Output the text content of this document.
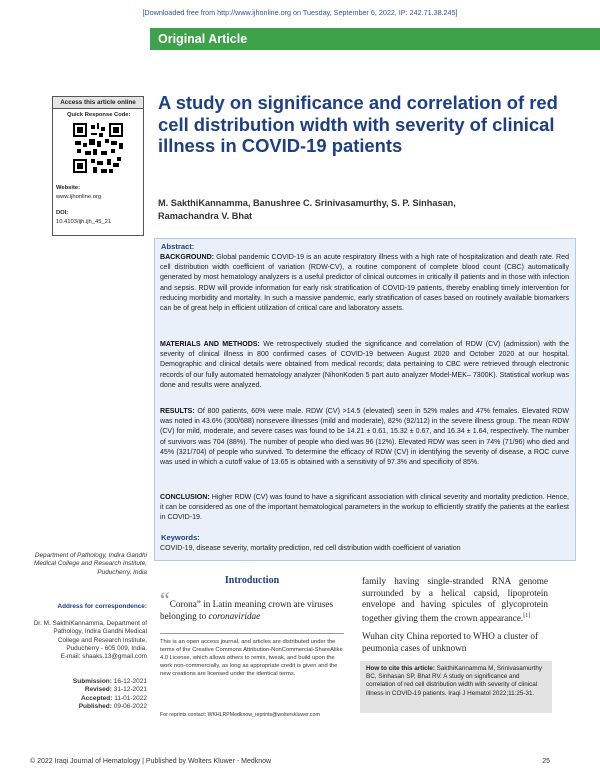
[Downloaded free from http://www.ijhonline.org on Tuesday, September 6, 2022, IP: 242.71.38.245]
Original Article
Access this article online
Quick Response Code:
Website:
www.ijhonline.org
DOI:
10.4103/ijh.ijh_45_21
A study on significance and correlation of red cell distribution width with severity of clinical illness in COVID-19 patients
M. SakthiKannamma, Banushree C. Srinivasamurthy, S. P. Sinhasan, Ramachandra V. Bhat
Abstract:
BACKGROUND: Global pandemic COVID-19 is an acute respiratory illness with a high rate of hospitalization and death rate. Red cell distribution width coefficient of variation (RDW-CV), a routine component of complete blood count (CBC) automatically generated by most hematology analyzers is a useful predictor of clinical outcomes in critically ill patients and in those with infection and sepsis. RDW will provide information for early risk stratification of COVID-19 patients, thereby enabling timely intervention for reducing morbidity and mortality. In such a massive pandemic, early stratification of cases based on routinely available biomarkers can be of great help in efficient utilization of critical care and laboratory assets.
MATERIALS AND METHODS: We retrospectively studied the significance and correlation of RDW (CV) (admission) with the severity of clinical illness in 800 confirmed cases of COVID-19 between August 2020 and October 2020 at our hospital. Demographic and clinical details were obtained from medical records; data pertaining to CBC were retrieved through electronic records of our fully automated hematology analyzer (NihonKoden 5 part auto analyzer Model-MEK– 7300K). Statistical workup was done and results were analyzed.
RESULTS: Of 800 patients, 60% were male. RDW (CV) >14.5 (elevated) seen in 52% males and 47% females. Elevated RDW was noted in 43.6% (300/688) nonsevere illnesses (mild and moderate), 82% (92/112) in the severe illness group. The mean RDW (CV) for mild, moderate, and severe cases was found to be 14.21 ± 0.61, 15.32 ± 0.67, and 16.34 ± 1.64, respectively. The number of survivors was 704 (88%). The number of people who died was 96 (12%). Elevated RDW was seen in 74% (71/96) who died and 45% (321/704) of people who survived. To determine the efficacy of RDW (CV) in identifying the severity of disease, a ROC curve was used in which a cutoff value of 13.65 is obtained with a sensitivity of 97.3% and specificity of 85%.
CONCLUSION: Higher RDW (CV) was found to have a significant association with clinical severity and mortality prediction. Hence, it can be considered as one of the important hematological parameters in the workup to efficiently stratify the patients at the earliest in COVID-19.
Keywords:
COVID-19, disease severity, mortality prediction, red cell distribution width coefficient of variation
Department of Pathology, Indira Gandhi Medical College and Research Institute, Puducherry, India
Address for correspondence:
Dr. M. SakthiKannamma, Department of Pathology, Indira Gandhi Medical College and Research Institute, Puducherry - 605 009, India.
E-mail: shaaks.13@gmail.com
Submission: 16-12-2021
Revised: 31-12-2021
Accepted: 11-01-2022
Published: 09-06-2022
Introduction
“Corona” in Latin meaning crown are viruses belonging to coronaviridae
This is an open access journal, and articles are distributed under the terms of the Creative Commons Attribution-NonCommercial-ShareAlike 4.0 License, which allows others to remix, tweak, and build upon the work non-commercially, as long as appropriate credit is given and the new creations are licensed under the identical terms.
For reprints contact: WKHLRPMedknow_reprints@wolterskluwer.com
family having single-stranded RNA genome surrounded by a helical capsid, lipoprotein envelope and having spicules of glycoprotein together giving them the crown appearance.[1]
Wuhan city China reported to WHO a cluster of peumonia cases of unknown
How to cite this article: SakthiKannamma M, Srinivasamurthy BC, Sinhasan SP, Bhat RV. A study on significance and correlation of red cell distribution width with severity of clinical illness in COVID-19 patients. Iraqi J Hematol 2022;11:25-31.
© 2022 Iraqi Journal of Hematology | Published by Wolters Kluwer - Medknow	25
